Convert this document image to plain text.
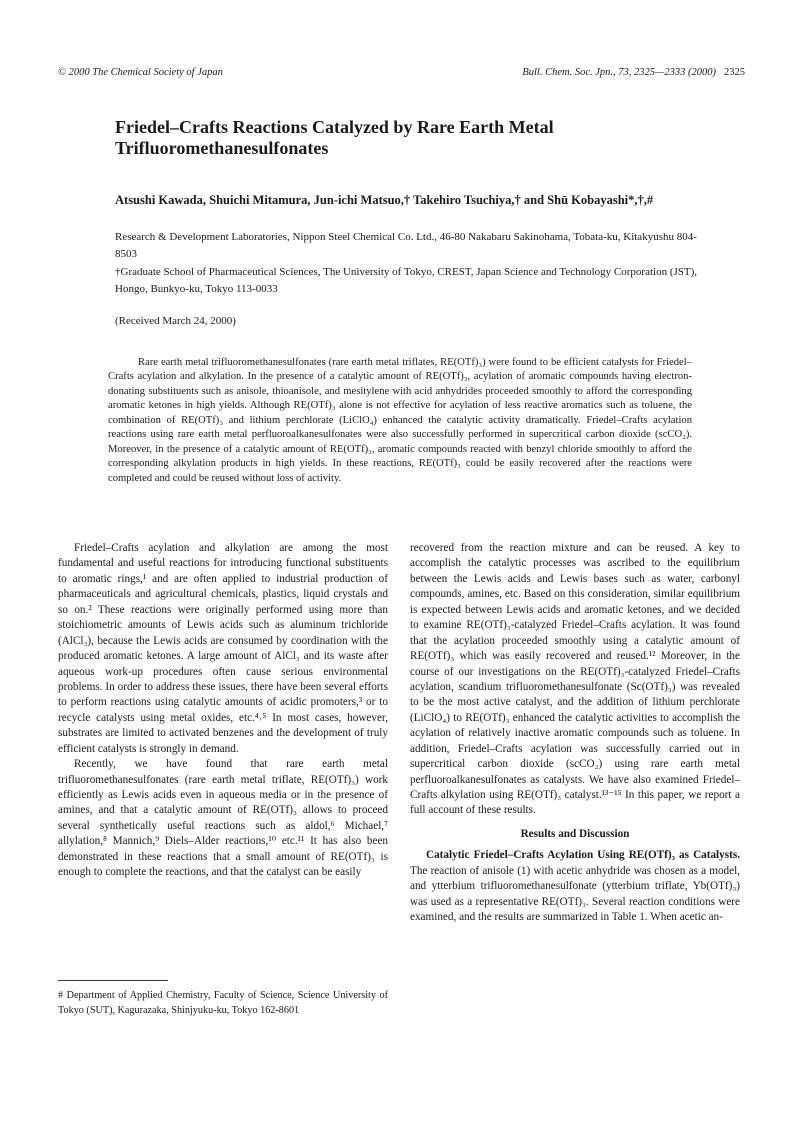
© 2000 The Chemical Society of Japan	Bull. Chem. Soc. Jpn., 73, 2325—2333 (2000) 2325
Friedel–Crafts Reactions Catalyzed by Rare Earth Metal Trifluoromethanesulfonates
Atsushi Kawada, Shuichi Mitamura, Jun-ichi Matsuo,† Takehiro Tsuchiya,† and Shū Kobayashi*,†,#
Research & Development Laboratories, Nippon Steel Chemical Co. Ltd., 46-80 Nakabaru Sakinohama, Tobata-ku, Kitakyushu 804-8503
†Graduate School of Pharmaceutical Sciences, The University of Tokyo, CREST, Japan Science and Technology Corporation (JST), Hongo, Bunkyo-ku, Tokyo 113-0033
(Received March 24, 2000)
Rare earth metal trifluoromethanesulfonates (rare earth metal triflates, RE(OTf)₃) were found to be efficient catalysts for Friedel–Crafts acylation and alkylation. In the presence of a catalytic amount of RE(OTf)₃, acylation of aromatic compounds having electron-donating substituents such as anisole, thioanisole, and mesitylene with acid anhydrides proceeded smoothly to afford the corresponding aromatic ketones in high yields. Although RE(OTf)₃ alone is not effective for acylation of less reactive aromatics such as toluene, the combination of RE(OTf)₃ and lithium perchlorate (LiClO₄) enhanced the catalytic activity dramatically. Friedel–Crafts acylation reactions using rare earth metal perfluoroalkanesulfonates were also successfully performed in supercritical carbon dioxide (scCO₂). Moreover, in the presence of a catalytic amount of RE(OTf)₃, aromatic compounds reacted with benzyl chloride smoothly to afford the corresponding alkylation products in high yields. In these reactions, RE(OTf)₃ could be easily recovered after the reactions were completed and could be reused without loss of activity.

Friedel–Crafts acylation and alkylation are among the most fundamental and useful reactions for introducing functional substituents to aromatic rings,¹ and are often applied to industrial production of pharmaceuticals and agricultural chemicals, plastics, liquid crystals and so on.² These reactions were originally performed using more than stoichiometric amounts of Lewis acids such as aluminum trichloride (AlCl₃), because the Lewis acids are consumed by coordination with the produced aromatic ketones. A large amount of AlCl₃ and its waste after aqueous work-up procedures often cause serious environmental problems. In order to address these issues, there have been several efforts to perform reactions using catalytic amounts of acidic promoters,³ or to recycle catalysts using metal oxides, etc.⁴˒⁵ In most cases, however, substrates are limited to activated benzenes and the development of truly efficient catalysts is strongly in demand.

Recently, we have found that rare earth metal trifluoromethanesulfonates (rare earth metal triflate, RE(OTf)₃) work efficiently as Lewis acids even in aqueous media or in the presence of amines, and that a catalytic amount of RE(OTf)₃ allows to proceed several synthetically useful reactions such as aldol,⁶ Michael,⁷ allylation,⁸ Mannich,⁹ Diels–Alder reactions,¹⁰ etc.¹¹ It has also been demonstrated in these reactions that a small amount of RE(OTf)₃ is enough to complete the reactions, and that the catalyst can be easily

recovered from the reaction mixture and can be reused. A key to accomplish the catalytic processes was ascribed to the equilibrium between the Lewis acids and Lewis bases such as water, carbonyl compounds, amines, etc. Based on this consideration, similar equilibrium is expected between Lewis acids and aromatic ketones, and we decided to examine RE(OTf)₃-catalyzed Friedel–Crafts acylation. It was found that the acylation proceeded smoothly using a catalytic amount of RE(OTf)₃ which was easily recovered and reused.¹² Moreover, in the course of our investigations on the RE(OTf)₃-catalyzed Friedel–Crafts acylation, scandium trifluoromethanesulfonate (Sc(OTf)₃) was revealed to be the most active catalyst, and the addition of lithium perchlorate (LiClO₄) to RE(OTf)₃ enhanced the catalytic activities to accomplish the acylation of relatively inactive aromatic compounds such as toluene. In addition, Friedel–Crafts acylation was successfully carried out in supercritical carbon dioxide (scCO₂) using rare earth metal perfluoroalkanesulfonates as catalysts. We have also examined Friedel–Crafts alkylation using RE(OTf)₃ catalyst.¹³⁻¹⁵ In this paper, we report a full account of these results.

Results and Discussion

Catalytic Friedel–Crafts Acylation Using RE(OTf)₃ as Catalysts. The reaction of anisole (1) with acetic anhydride was chosen as a model, and ytterbium trifluoromethanesulfonate (ytterbium triflate, Yb(OTf)₃) was used as a representative RE(OTf)₃. Several reaction conditions were examined, and the results are summarized in Table 1. When acetic an-

# Department of Applied Chemistry, Faculty of Science, Science University of Tokyo (SUT), Kagurazaka, Shinjyuku-ku, Tokyo 162-8601
